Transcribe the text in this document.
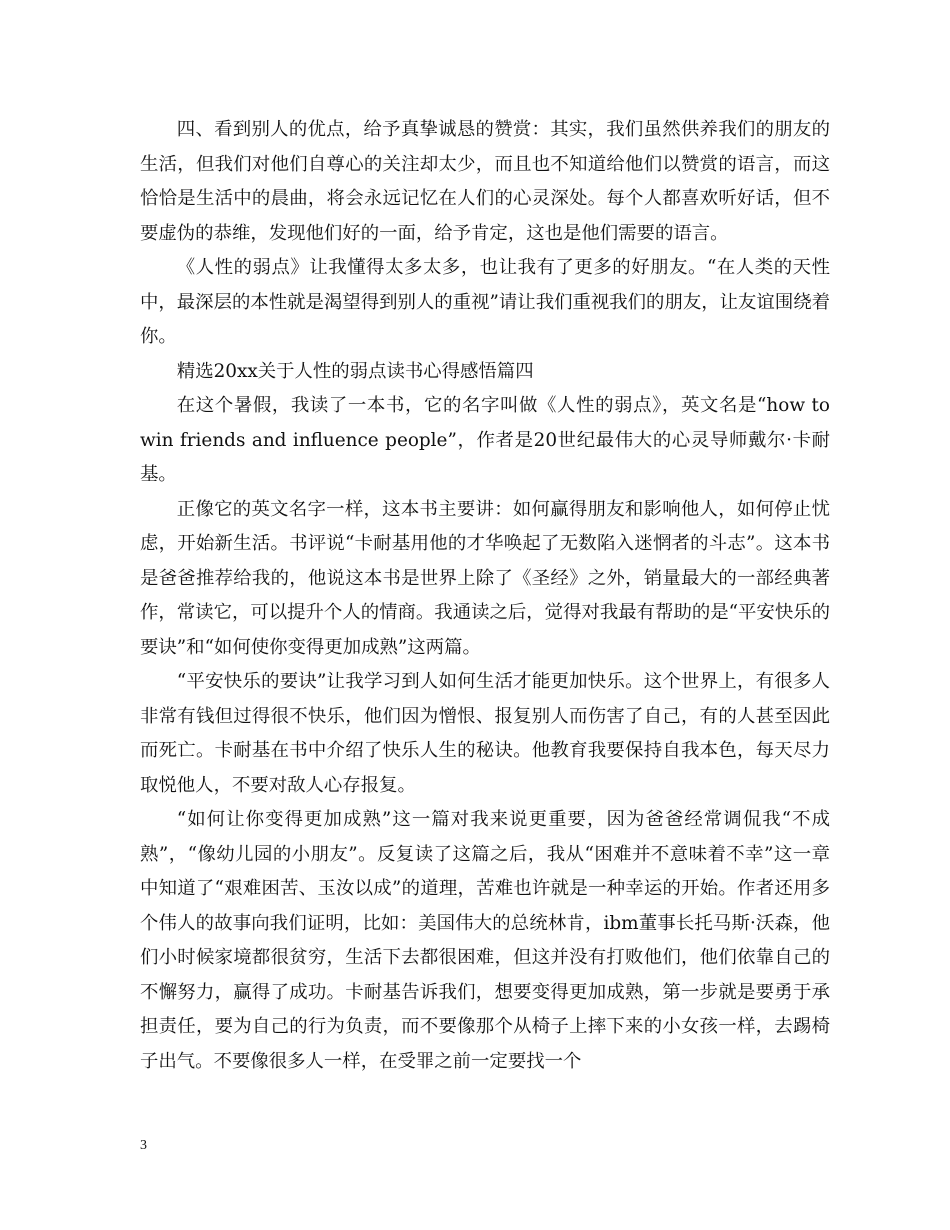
四、看到别人的优点，给予真挚诚恳的赞赏：其实，我们虽然供养我们的朋友的生活，但我们对他们自尊心的关注却太少，而且也不知道给他们以赞赏的语言，而这恰恰是生活中的晨曲，将会永远记忆在人们的心灵深处。每个人都喜欢听好话，但不要虚伪的恭维，发现他们好的一面，给予肯定，这也是他们需要的语言。

《人性的弱点》让我懂得太多太多，也让我有了更多的好朋友。“在人类的天性中，最深层的本性就是渴望得到别人的重视”请让我们重视我们的朋友，让友谊围绕着你。

精选20xx关于人性的弱点读书心得感悟篇四

在这个暑假，我读了一本书，它的名字叫做《人性的弱点》，英文名是“how to win friends and influence people”，作者是20世纪最伟大的心灵导师戴尔·卡耐基。

正像它的英文名字一样，这本书主要讲：如何赢得朋友和影响他人，如何停止忧虑，开始新生活。书评说“卡耐基用他的才华唤起了无数陷入迷惘者的斗志”。这本书是爸爸推荐给我的，他说这本书是世界上除了《圣经》之外，销量最大的一部经典著作，常读它，可以提升个人的情商。我通读之后，觉得对我最有帮助的是“平安快乐的要诀”和“如何使你变得更加成熟”这两篇。

“平安快乐的要诀”让我学习到人如何生活才能更加快乐。这个世界上，有很多人非常有钱但过得很不快乐，他们因为憎恨、报复别人而伤害了自己，有的人甚至因此而死亡。卡耐基在书中介绍了快乐人生的秘诀。他教育我要保持自我本色，每天尽力取悦他人，不要对敌人心存报复。

“如何让你变得更加成熟”这一篇对我来说更重要，因为爸爸经常调侃我“不成熟”，“像幼儿园的小朋友”。反复读了这篇之后，我从“困难并不意味着不幸”这一章中知道了“艰难困苦、玉汝以成”的道理，苦难也许就是一种幸运的开始。作者还用多个伟人的故事向我们证明，比如：美国伟大的总统林肯，ibm董事长托马斯·沃森，他们小时候家境都很贫穷，生活下去都很困难，但这并没有打败他们，他们依靠自己的不懈努力，赢得了成功。卡耐基告诉我们，想要变得更加成熟，第一步就是要勇于承担责任，要为自己的行为负责，而不要像那个从椅子上摔下来的小女孩一样，去踢椅子出气。不要像很多人一样，在受罪之前一定要找一个

3
